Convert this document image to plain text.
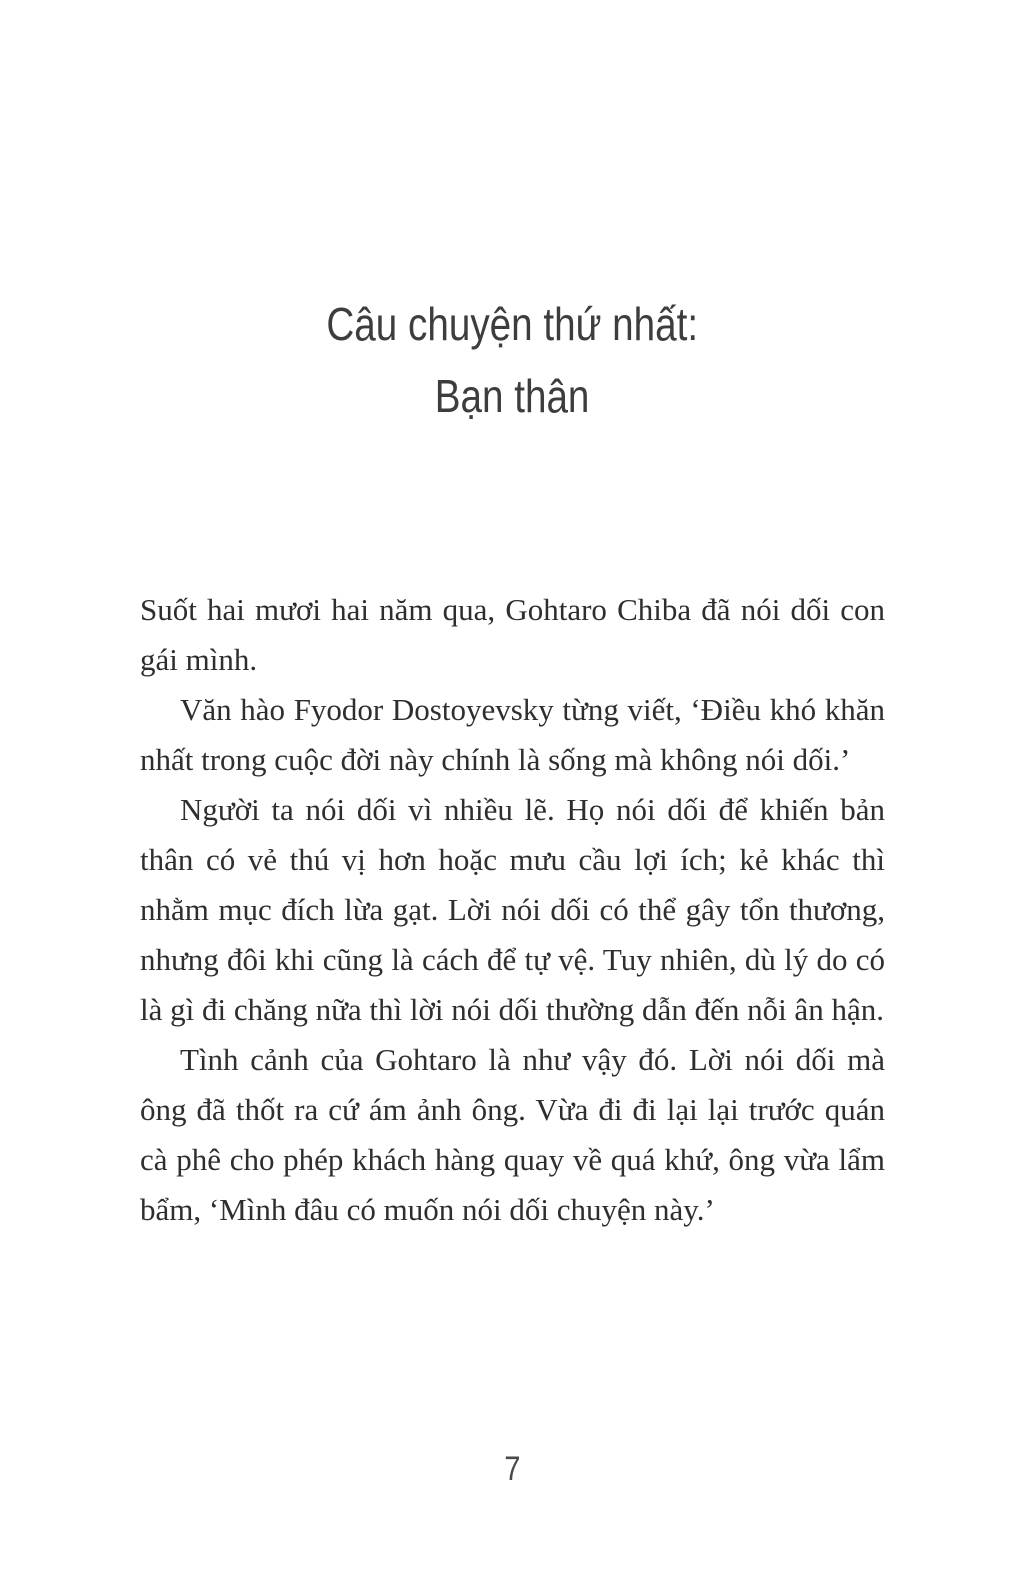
Câu chuyện thứ nhất:
Bạn thân

Suốt hai mươi hai năm qua, Gohtaro Chiba đã nói dối con gái mình.

Văn hào Fyodor Dostoyevsky từng viết, ‘Điều khó khăn nhất trong cuộc đời này chính là sống mà không nói dối.’

Người ta nói dối vì nhiều lẽ. Họ nói dối để khiến bản thân có vẻ thú vị hơn hoặc mưu cầu lợi ích; kẻ khác thì nhằm mục đích lừa gạt. Lời nói dối có thể gây tổn thương, nhưng đôi khi cũng là cách để tự vệ. Tuy nhiên, dù lý do có là gì đi chăng nữa thì lời nói dối thường dẫn đến nỗi ân hận.

Tình cảnh của Gohtaro là như vậy đó. Lời nói dối mà ông đã thốt ra cứ ám ảnh ông. Vừa đi đi lại lại trước quán cà phê cho phép khách hàng quay về quá khứ, ông vừa lẩm bẩm, ‘Mình đâu có muốn nói dối chuyện này.’

7
